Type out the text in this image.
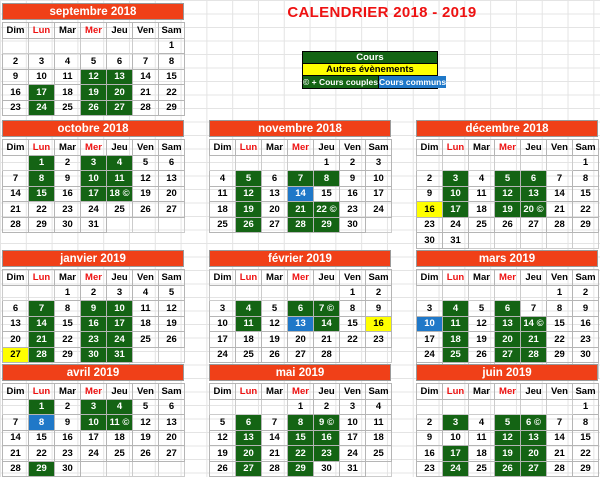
CALENDRIER 2018 - 2019
Cours
Autres évènements
© + Cours couples Cours communs
septembre 2018
Dim	Lun	Mar	Mer	Jeu	Ven	Sam
						1
2	3	4	5	6	7	8
9	10	11	12	13	14	15
16	17	18	19	20	21	22
23	24	25	26	27	28	29
octobre 2018
Dim	Lun	Mar	Mer	Jeu	Ven	Sam
	1	2	3	4	5	6
7	8	9	10	11	12	13
14	15	16	17	18 ©	19	20
21	22	23	24	25	26	27
28	29	30	31			
novembre 2018
Dim	Lun	Mar	Mer	Jeu	Ven	Sam
				1	2	3
4	5	6	7	8	9	10
11	12	13	14	15	16	17
18	19	20	21	22 ©	23	24
25	26	27	28	29	30	
décembre 2018
Dim	Lun	Mar	Mer	Jeu	Ven	Sam
						1
2	3	4	5	6	7	8
9	10	11	12	13	14	15
16	17	18	19	20 ©	21	22
23	24	25	26	27	28	29
30	31					
janvier 2019
Dim	Lun	Mar	Mer	Jeu	Ven	Sam
		1	2	3	4	5
6	7	8	9	10	11	12
13	14	15	16	17	18	19
20	21	22	23	24	25	26
27	28	29	30	31		
février 2019
Dim	Lun	Mar	Mer	Jeu	Ven	Sam
					1	2
3	4	5	6	7 ©	8	9
10	11	12	13	14	15	16
17	18	19	20	21	22	23
24	25	26	27	28		
mars 2019
Dim	Lun	Mar	Mer	Jeu	Ven	Sam
					1	2
3	4	5	6	7	8	9
10	11	12	13	14 ©	15	16
17	18	19	20	21	22	23
24	25	26	27	28	29	30

avril 2019
Dim	Lun	Mar	Mer	Jeu	Ven	Sam
	1	2	3	4	5	6
7	8	9	10	11 ©	12	13
14	15	16	17	18	19	20
21	22	23	24	25	26	27
28	29	30				
mai 2019
Dim	Lun	Mar	Mer	Jeu	Ven	Sam
			1	2	3	4
5	6	7	8	9 ©	10	11
12	13	14	15	16	17	18
19	20	21	22	23	24	25
26	27	28	29	30	31	
juin 2019
Dim	Lun	Mar	Mer	Jeu	Ven	Sam
						1
2	3	4	5	6 ©	7	8
9	10	11	12	13	14	15
16	17	18	19	20	21	22
23	24	25	26	27	28	29
